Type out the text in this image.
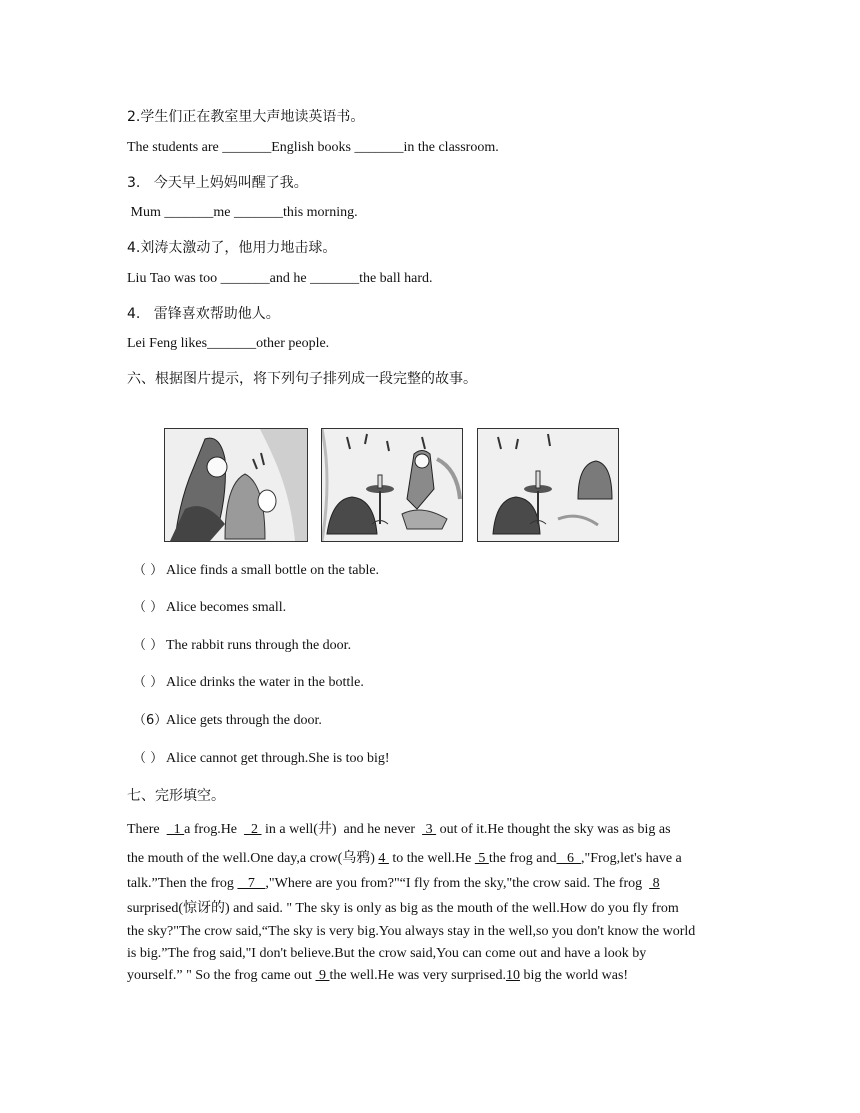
2.学生们正在教室里大声地读英语书。
The students are _______English books _______in the classroom.
3.   今天早上妈妈叫醒了我。
Mum _______me _______this morning.
4.刘涛太激动了，他用力地击球。
Liu Tao was too _______and he _______the ball hard.
4.   雷锋喜欢帮助他人。
Lei Feng likes_______other people.
六、根据图片提示，将下列句子排列成一段完整的故事。
（ ） Alice finds a small bottle on the table.
（ ） Alice becomes small.
（ ） The rabbit runs through the door.
（ ） Alice drinks the water in the bottle.
（6）Alice gets through the door.
（ ） Alice cannot get through.She is too big!
七、完形填空。
There    1 a frog.He    2  in a well(井)  and he never   3  out of it.He thought the sky was as big as
the mouth of the well.One day,a crow(乌鸦) 4  to the well.He  5 the frog and   6  ,"Frog,let's have a
talk.”Then the frog    7   ,"Where are you from?"“I fly from the sky,"the crow said. The frog   8
surprised(惊讶的) and said. " The sky is only as big as the mouth of the well.How do you fly from
the sky?"The crow said,“The sky is very big.You always stay in the well,so you don't know the world
is big.”The frog said,"I don't believe.But the crow said,You can come out and have a look by
yourself.” " So the frog came out  9 the well.He was very surprised.10 big the world was!
